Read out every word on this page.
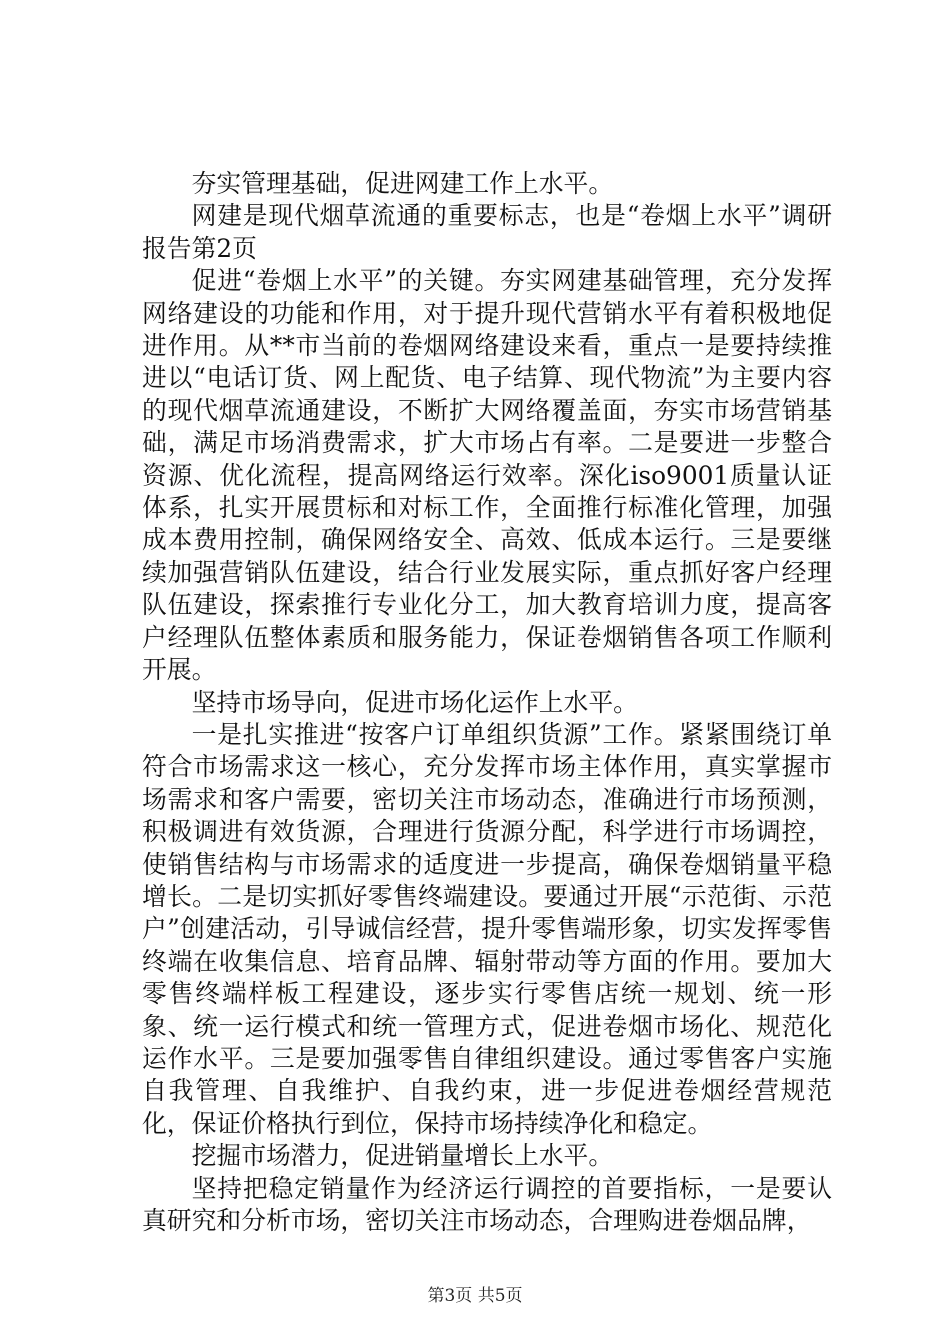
夯实管理基础，促进网建工作上水平。

网建是现代烟草流通的重要标志，也是“卷烟上水平”调研报告第2页

促进“卷烟上水平”的关键。夯实网建基础管理，充分发挥网络建设的功能和作用，对于提升现代营销水平有着积极地促进作用。从**市当前的卷烟网络建设来看，重点一是要持续推进以“电话订货、网上配货、电子结算、现代物流”为主要内容的现代烟草流通建设，不断扩大网络覆盖面，夯实市场营销基础，满足市场消费需求，扩大市场占有率。二是要进一步整合资源、优化流程，提高网络运行效率。深化iso9001质量认证体系，扎实开展贯标和对标工作，全面推行标准化管理，加强成本费用控制，确保网络安全、高效、低成本运行。三是要继续加强营销队伍建设，结合行业发展实际，重点抓好客户经理队伍建设，探索推行专业化分工，加大教育培训力度，提高客户经理队伍整体素质和服务能力，保证卷烟销售各项工作顺利开展。

坚持市场导向，促进市场化运作上水平。

一是扎实推进“按客户订单组织货源”工作。紧紧围绕订单符合市场需求这一核心，充分发挥市场主体作用，真实掌握市场需求和客户需要，密切关注市场动态，准确进行市场预测，积极调进有效货源，合理进行货源分配，科学进行市场调控，使销售结构与市场需求的适度进一步提高，确保卷烟销量平稳增长。二是切实抓好零售终端建设。要通过开展“示范街、示范户”创建活动，引导诚信经营，提升零售端形象，切实发挥零售终端在收集信息、培育品牌、辐射带动等方面的作用。要加大零售终端样板工程建设，逐步实行零售店统一规划、统一形象、统一运行模式和统一管理方式，促进卷烟市场化、规范化运作水平。三是要加强零售自律组织建设。通过零售客户实施自我管理、自我维护、自我约束，进一步促进卷烟经营规范化，保证价格执行到位，保持市场持续净化和稳定。

挖掘市场潜力，促进销量增长上水平。

坚持把稳定销量作为经济运行调控的首要指标，一是要认真研究和分析市场，密切关注市场动态，合理购进卷烟品牌，

第3页 共5页
